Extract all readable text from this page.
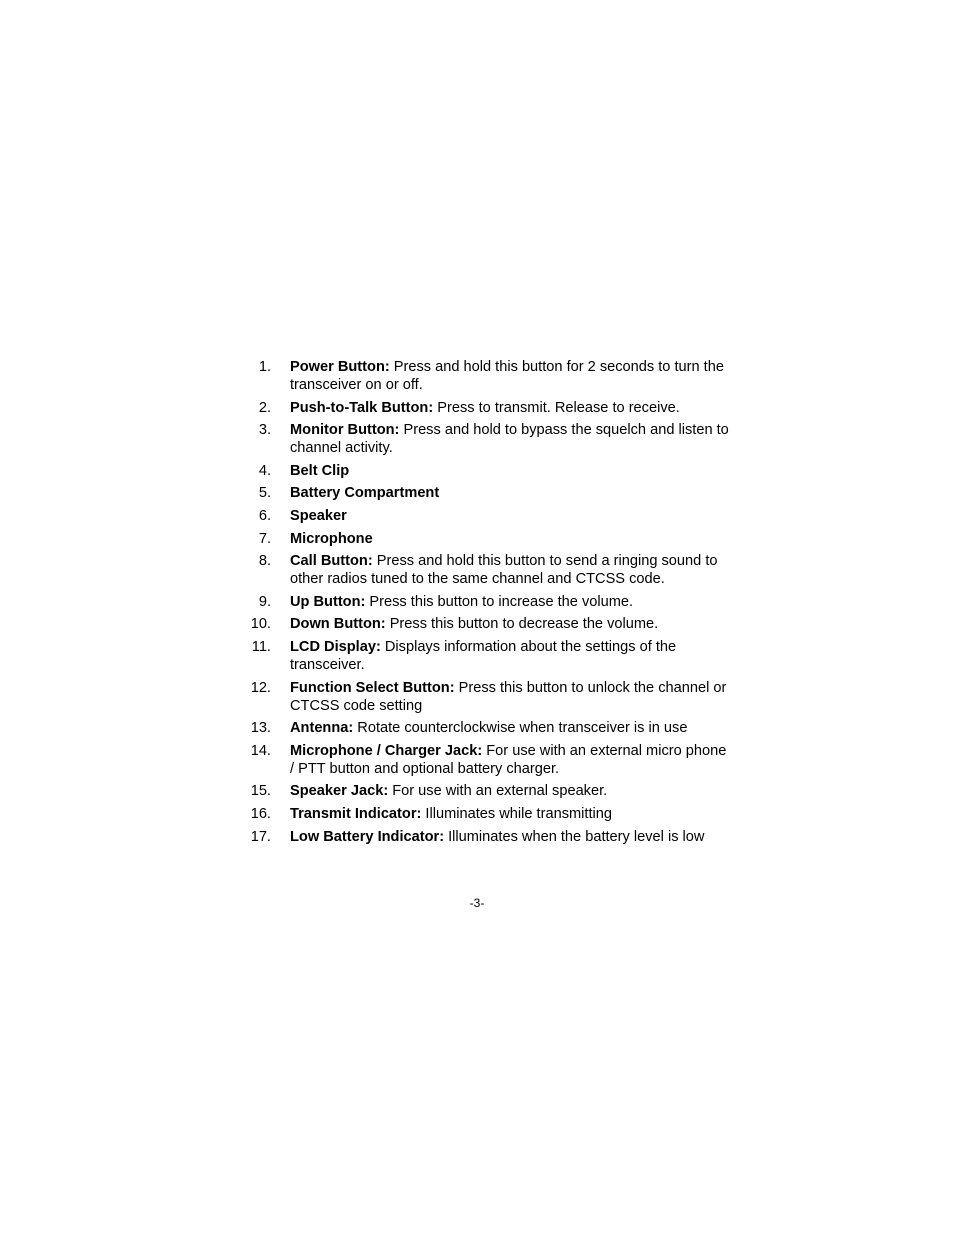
1. Power Button: Press and hold this button for 2 seconds to turn the transceiver on or off.
2. Push-to-Talk Button: Press to transmit. Release to receive.
3. Monitor Button: Press and hold to bypass the squelch and listen to channel activity.
4. Belt Clip
5. Battery Compartment
6. Speaker
7. Microphone
8. Call Button: Press and hold this button to send a ringing sound to other radios tuned to the same channel and CTCSS code.
9. Up Button: Press this button to increase the volume.
10. Down Button: Press this button to decrease the volume.
11. LCD Display: Displays information about the settings of the transceiver.
12. Function Select Button: Press this button to unlock the channel or CTCSS code setting
13. Antenna: Rotate counterclockwise when transceiver is in use
14. Microphone / Charger Jack: For use with an external micro phone / PTT button and optional battery charger.
15. Speaker Jack: For use with an external speaker.
16. Transmit Indicator: Illuminates while transmitting
17. Low Battery Indicator: Illuminates when the battery level is low
-3-
